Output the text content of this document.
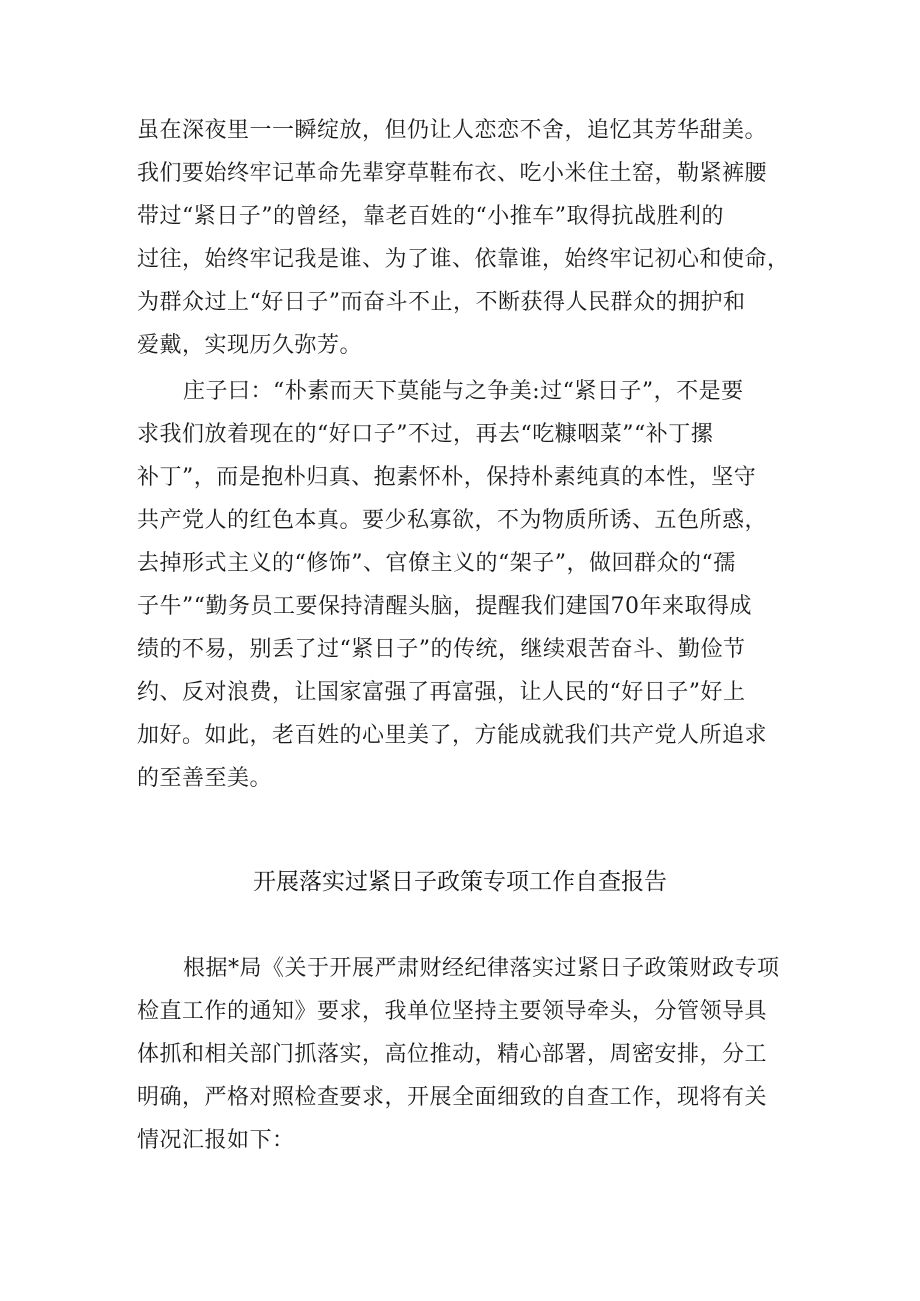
虽在深夜里一一瞬绽放，但仍让人恋恋不舍，追忆其芳华甜美。
我们要始终牢记革命先辈穿草鞋布衣、吃小米住土窑，勒紧裤腰
带过“紧日子”的曾经，靠老百姓的“小推车”取得抗战胜利的
过往，始终牢记我是谁、为了谁、依靠谁，始终牢记初心和使命，
为群众过上“好日子”而奋斗不止，不断获得人民群众的拥护和
爱戴，实现历久弥芳。
庄子曰：“朴素而天下莫能与之争美:过“紧日子”，不是要
求我们放着现在的“好口子”不过，再去“吃糠咽菜”“补丁摞
补丁”，而是抱朴归真、抱素怀朴，保持朴素纯真的本性，坚守
共产党人的红色本真。要少私寡欲，不为物质所诱、五色所惑，
去掉形式主义的“修饰”、官僚主义的“架子”，做回群众的“孺
子牛”“勤务员工要保持清醒头脑，提醒我们建国70年来取得成
绩的不易，别丢了过“紧日子”的传统，继续艰苦奋斗、勤俭节
约、反对浪费，让国家富强了再富强，让人民的“好日子”好上
加好。如此，老百姓的心里美了，方能成就我们共产党人所追求
的至善至美。
开展落实过紧日子政策专项工作自查报告
根据*局《关于开展严肃财经纪律落实过紧日子政策财政专项
检直工作的通知》要求，我单位坚持主要领导牵头，分管领导具
体抓和相关部门抓落实，高位推动，精心部署，周密安排，分工
明确，严格对照检查要求，开展全面细致的自查工作，现将有关
情况汇报如下：
